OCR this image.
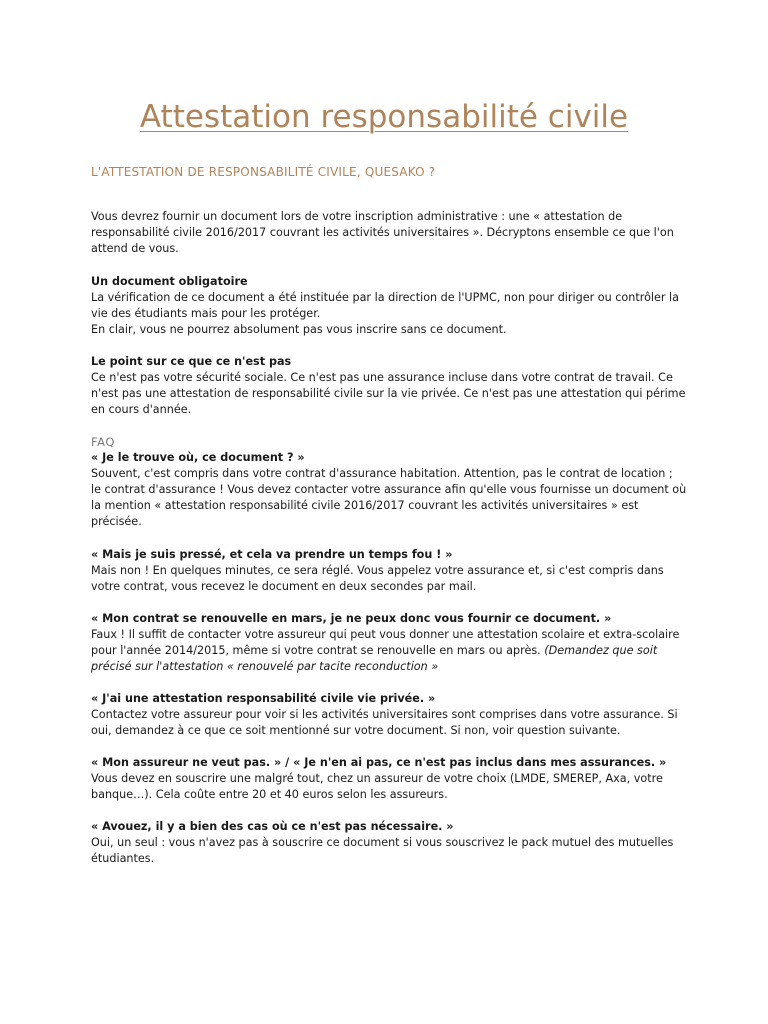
Attestation responsabilité civile

L'ATTESTATION DE RESPONSABILITÉ CIVILE, QUESAKO ?

Vous devrez fournir un document lors de votre inscription administrative : une « attestation de
responsabilité civile 2016/2017 couvrant les activités universitaires ». Décryptons ensemble ce que l'on
attend de vous.
Un document obligatoire
La vérification de ce document a été instituée par la direction de l'UPMC, non pour diriger ou contrôler la
vie des étudiants mais pour les protéger.
En clair, vous ne pourrez absolument pas vous inscrire sans ce document.
Le point sur ce que ce n'est pas
Ce n'est pas votre sécurité sociale. Ce n'est pas une assurance incluse dans votre contrat de travail. Ce
n'est pas une attestation de responsabilité civile sur la vie privée. Ce n'est pas une attestation qui périme
en cours d'année.
FAQ
« Je le trouve où, ce document ? »
Souvent, c'est compris dans votre contrat d'assurance habitation. Attention, pas le contrat de location ;
le contrat d'assurance ! Vous devez contacter votre assurance afin qu'elle vous fournisse un document où
la mention « attestation responsabilité civile 2016/2017 couvrant les activités universitaires » est
précisée.
« Mais je suis pressé, et cela va prendre un temps fou ! »
Mais non ! En quelques minutes, ce sera réglé. Vous appelez votre assurance et, si c'est compris dans
votre contrat, vous recevez le document en deux secondes par mail.
« Mon contrat se renouvelle en mars, je ne peux donc vous fournir ce document. »
Faux ! Il suffit de contacter votre assureur qui peut vous donner une attestation scolaire et extra-scolaire
pour l'année 2014/2015, même si votre contrat se renouvelle en mars ou après. (Demandez que soit
précisé sur l'attestation « renouvelé par tacite reconduction »
« J'ai une attestation responsabilité civile vie privée. »
Contactez votre assureur pour voir si les activités universitaires sont comprises dans votre assurance. Si
oui, demandez à ce que ce soit mentionné sur votre document. Si non, voir question suivante.
« Mon assureur ne veut pas. » / « Je n'en ai pas, ce n'est pas inclus dans mes assurances. »
Vous devez en souscrire une malgré tout, chez un assureur de votre choix (LMDE, SMEREP, Axa, votre
banque…). Cela coûte entre 20 et 40 euros selon les assureurs.
« Avouez, il y a bien des cas où ce n'est pas nécessaire. »
Oui, un seul : vous n'avez pas à souscrire ce document si vous souscrivez le pack mutuel des mutuelles
étudiantes.
